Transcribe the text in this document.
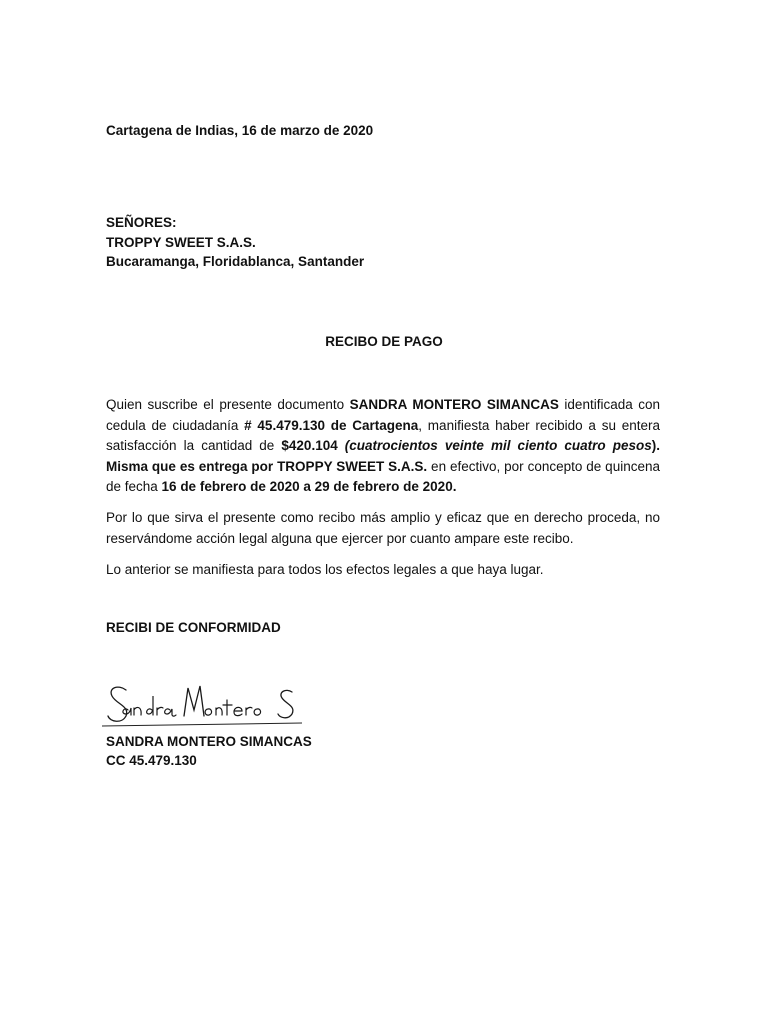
Cartagena de Indias, 16 de marzo de 2020
SEÑORES:
TROPPY SWEET S.A.S.
Bucaramanga, Floridablanca, Santander
RECIBO DE PAGO
Quien suscribe el presente documento SANDRA MONTERO SIMANCAS identificada con cedula de ciudadanía # 45.479.130 de Cartagena, manifiesta haber recibido a su entera satisfacción la cantidad de $420.104 (cuatrocientos veinte mil ciento cuatro pesos). Misma que es entrega por TROPPY SWEET S.A.S. en efectivo, por concepto de quincena de fecha 16 de febrero de 2020 a 29 de febrero de 2020.
Por lo que sirva el presente como recibo más amplio y eficaz que en derecho proceda, no reservándome acción legal alguna que ejercer por cuanto ampare este recibo.
Lo anterior se manifiesta para todos los efectos legales a que haya lugar.
RECIBI DE CONFORMIDAD
SANDRA MONTERO SIMANCAS
CC 45.479.130
